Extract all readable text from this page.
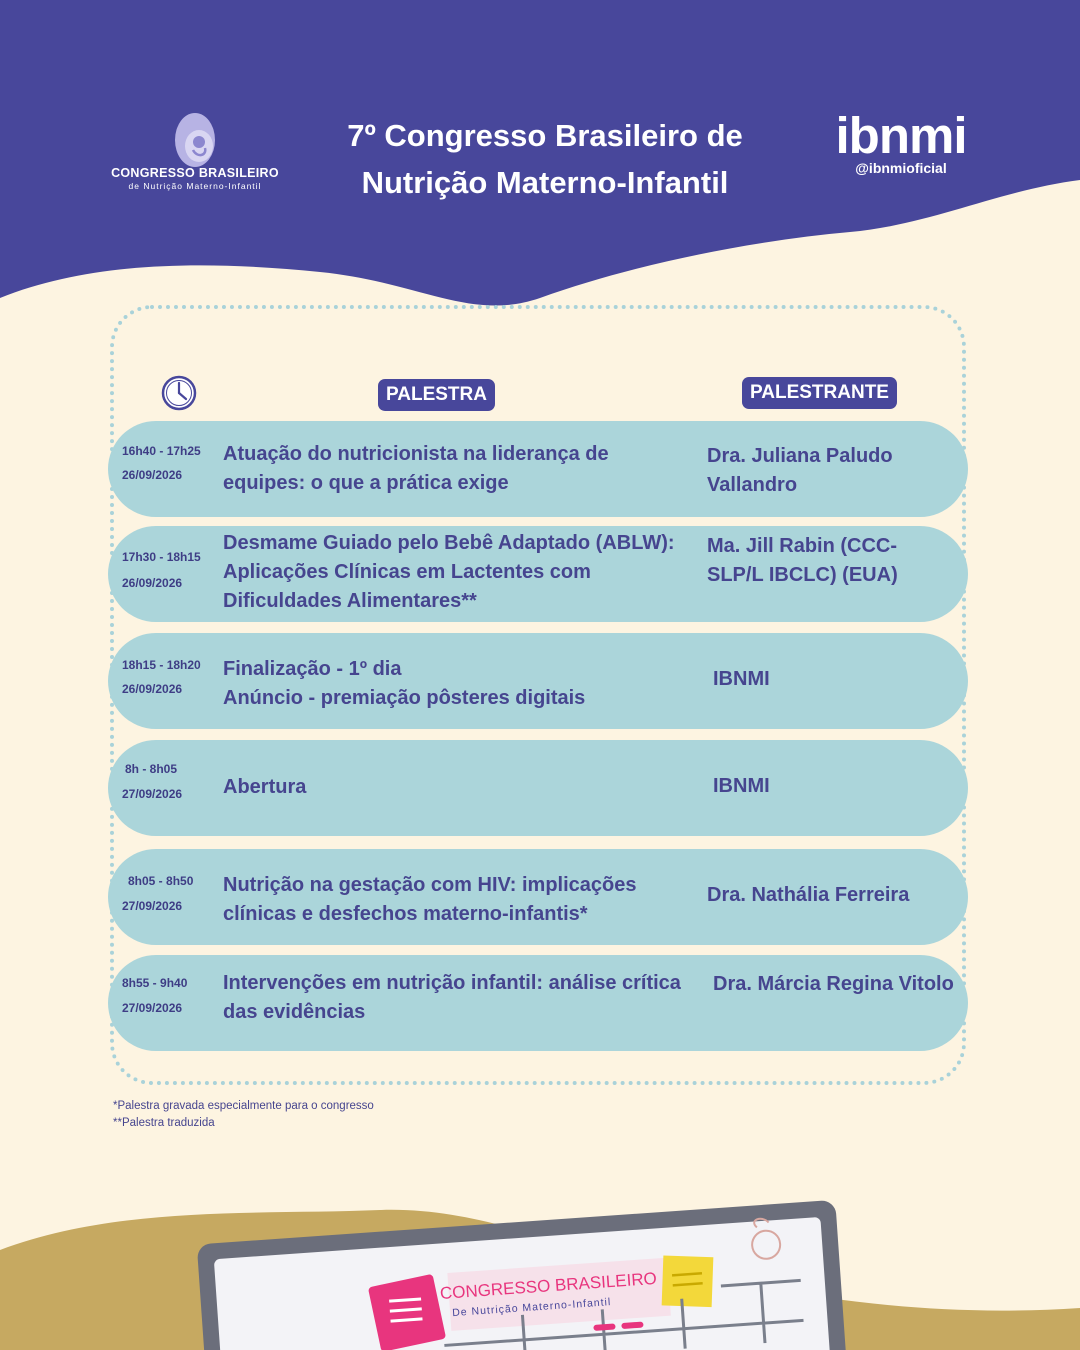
CONGRESSO BRASILEIRO
De Nutrição Materno-Infantil
CONGRESSO BRASILEIRO
de Nutrição Materno-Infantil
7º Congresso Brasileiro de
Nutrição Materno-Infantil
ibnmi
@ibnmioficial
PALESTRA	PALESTRANTE
16h40 - 17h25
26/09/2026
Atuação do nutricionista na liderança de equipes: o que a prática exige
Dra. Juliana Paludo Vallandro
17h30 - 18h15
26/09/2026
Desmame Guiado pelo Bebê Adaptado (ABLW): Aplicações Clínicas em Lactentes com Dificuldades Alimentares**
Ma. Jill Rabin (CCC-SLP/L IBCLC) (EUA)
18h15 - 18h20
26/09/2026
Finalização - 1º dia
Anúncio - premiação pôsteres digitais
IBNMI
8h - 8h05
27/09/2026 Abertura	IBNMI
8h05 - 8h50
27/09/2026
Nutrição na gestação com HIV: implicações clínicas e desfechos materno-infantis*
Dra. Nathália Ferreira
8h55 - 9h40
27/09/2026
Intervenções em nutrição infantil: análise crítica das evidências
Dra. Márcia Regina Vitolo
*Palestra gravada especialmente para o congresso
**Palestra traduzida
